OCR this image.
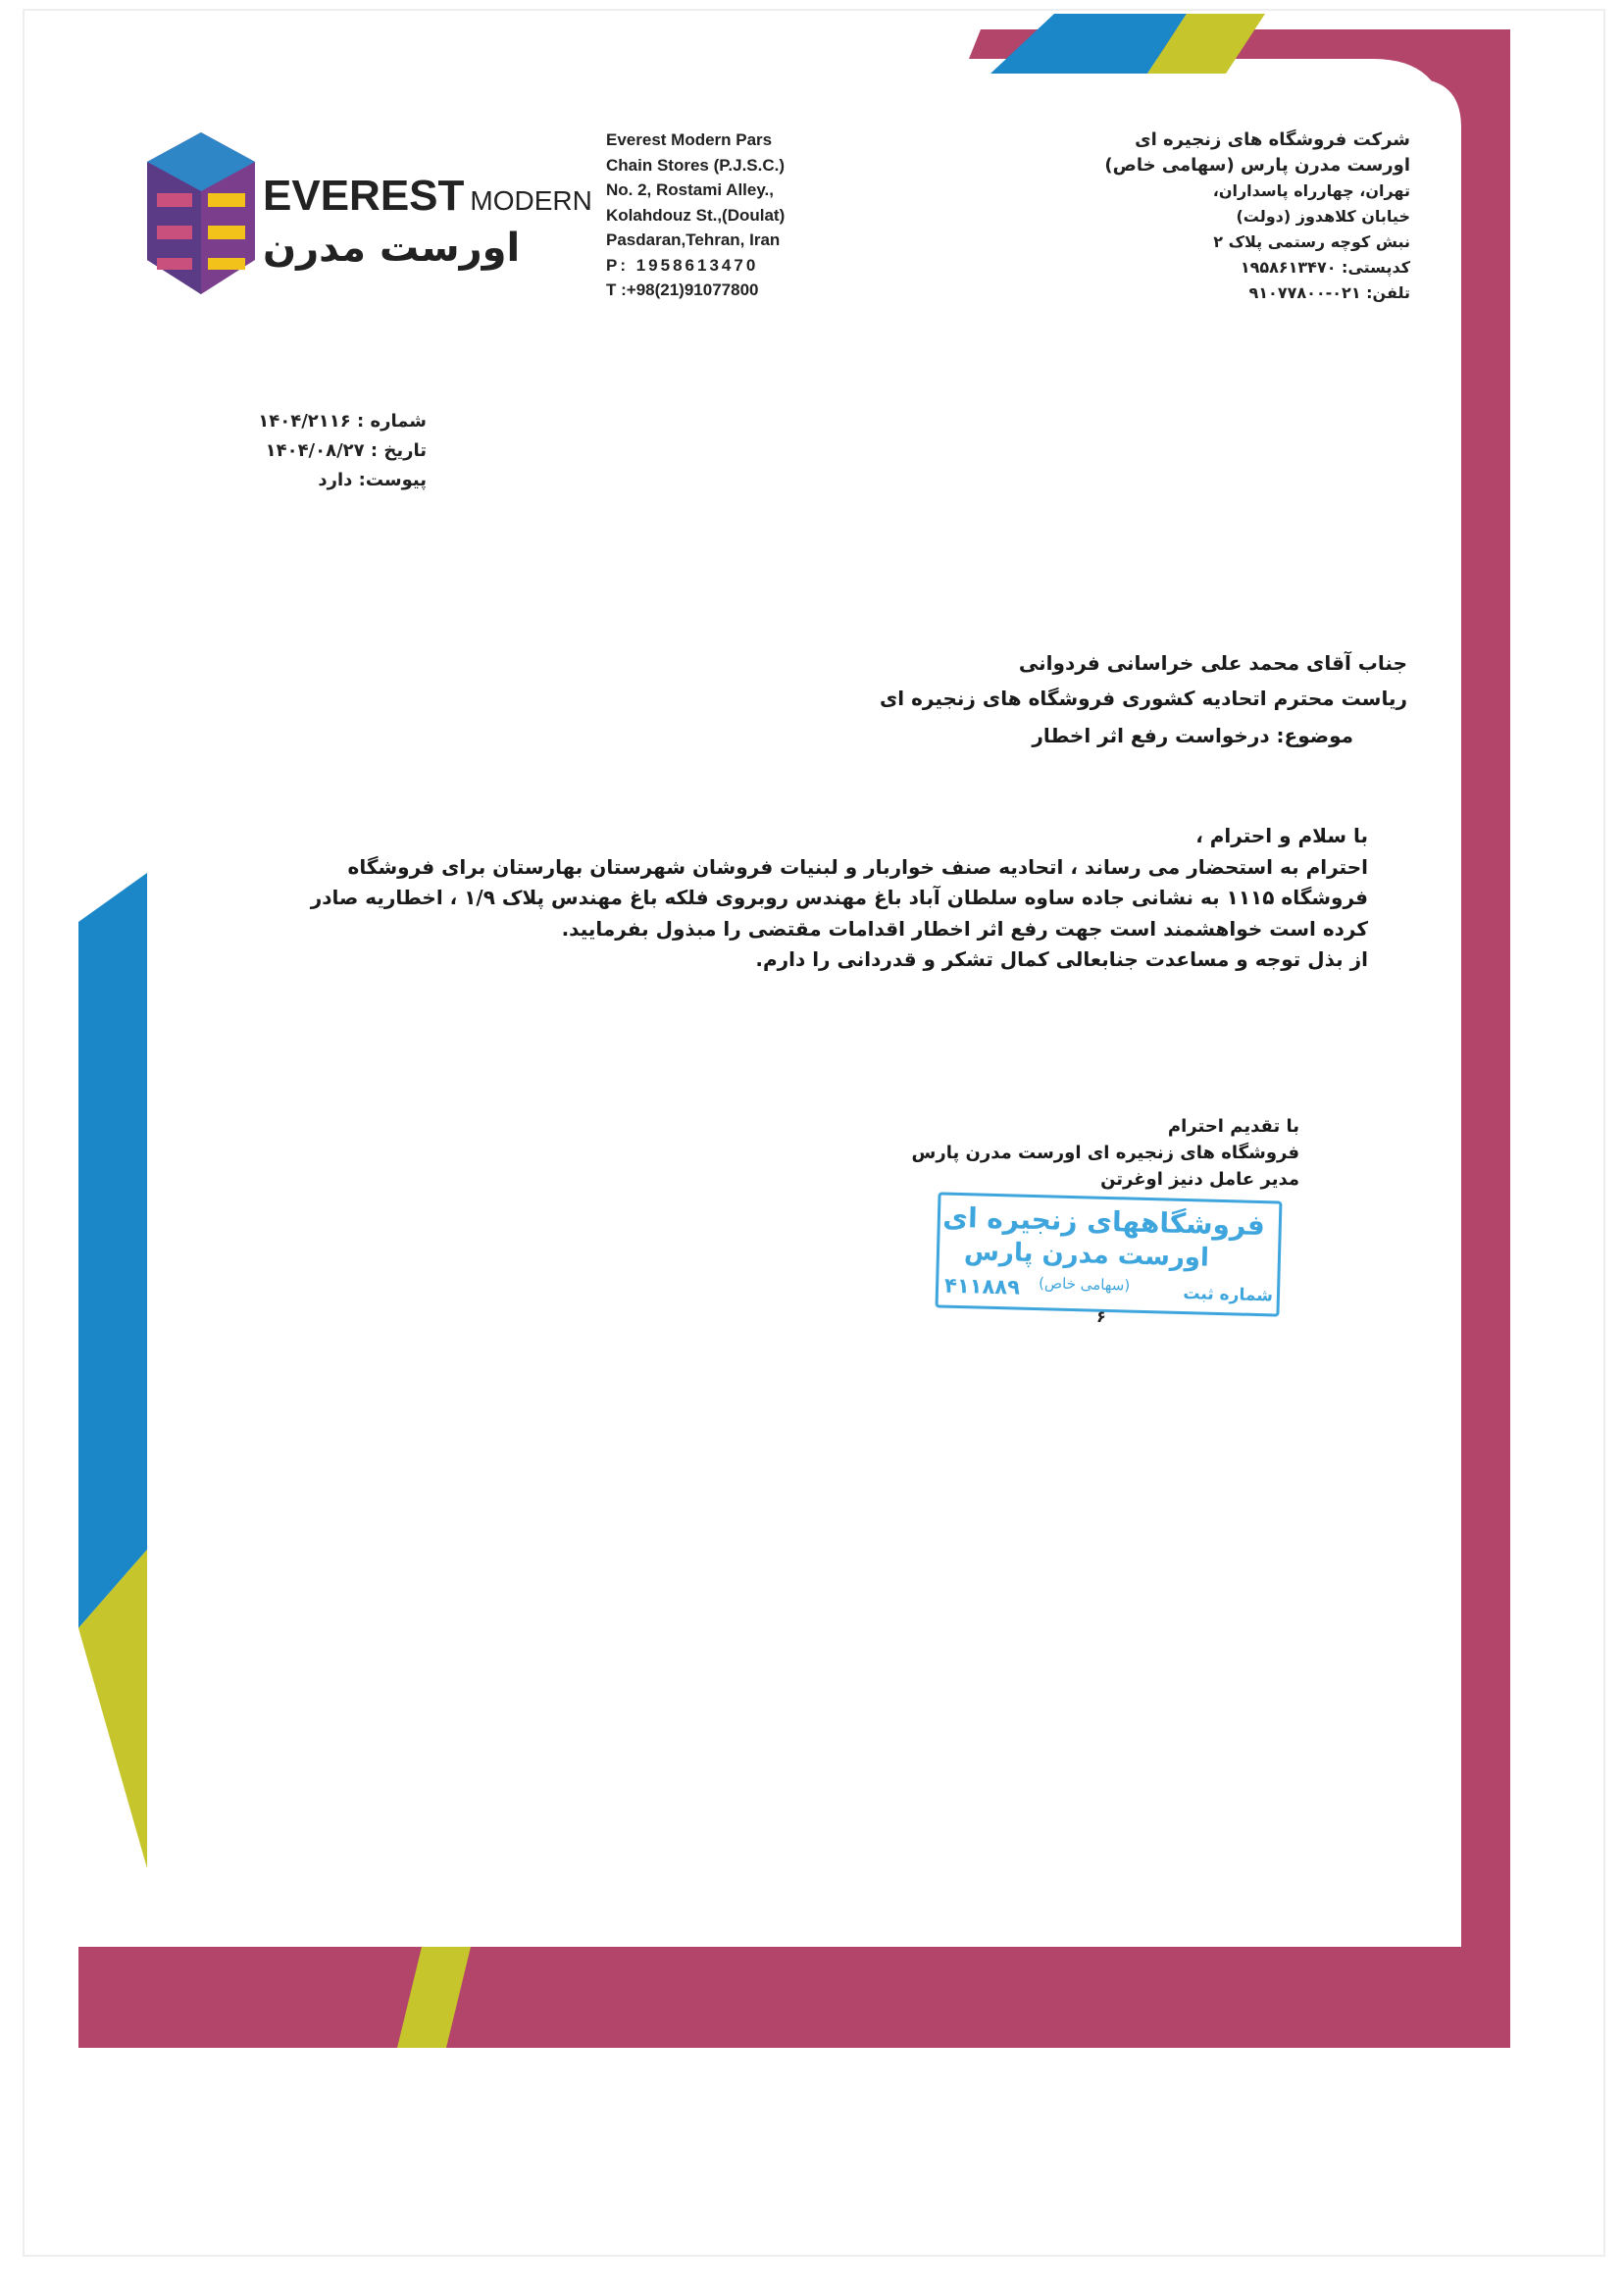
EVEREST MODERN
اورست مدرن
Everest Modern Pars
Chain Stores (P.J.S.C.)
No. 2, Rostami Alley.,
Kolahdouz St.,(Doulat)
Pasdaran,Tehran, Iran
P: 1958613470
T :+98(21)91077800
شرکت فروشگاه های زنجیره ای
اورست مدرن پارس (سهامی خاص)
تهران، چهارراه پاسداران،
خیابان کلاهدوز (دولت)
نبش کوچه رستمی پلاک ۲
کدپستی: ۱۹۵۸۶۱۳۴۷۰
تلفن: ۰۲۱-۹۱۰۷۷۸۰۰
شماره : ۱۴۰۴/۲۱۱۶
تاریخ : ۱۴۰۴/۰۸/۲۷
پیوست: دارد
جناب آقای محمد علی خراسانی فردوانی
ریاست محترم اتحادیه کشوری فروشگاه های زنجیره ای
موضوع: درخواست رفع اثر اخطار
با سلام و احترام ،
احترام به استحضار می رساند ، اتحادیه صنف خواربار و لبنیات فروشان شهرستان بهارستان برای فروشگاه
فروشگاه ۱۱۱۵ به نشانی جاده ساوه سلطان آباد باغ مهندس روبروی فلکه باغ مهندس پلاک ۱/۹ ، اخطاریه صادر
کرده است خواهشمند است جهت رفع اثر اخطار اقدامات مقتضی را مبذول بفرمایید.
از بذل توجه و مساعدت جنابعالی کمال تشکر و قدردانی را دارم.
با تقدیم احترام
فروشگاه های زنجیره ای اورست مدرن پارس
مدیر عامل دنیز اوغرتن
فروشگاههای زنجیره ای
اورست مدرن پارس
(سهامی خاص)	شماره ثبت
۴۱۱۸۸۹
۶
